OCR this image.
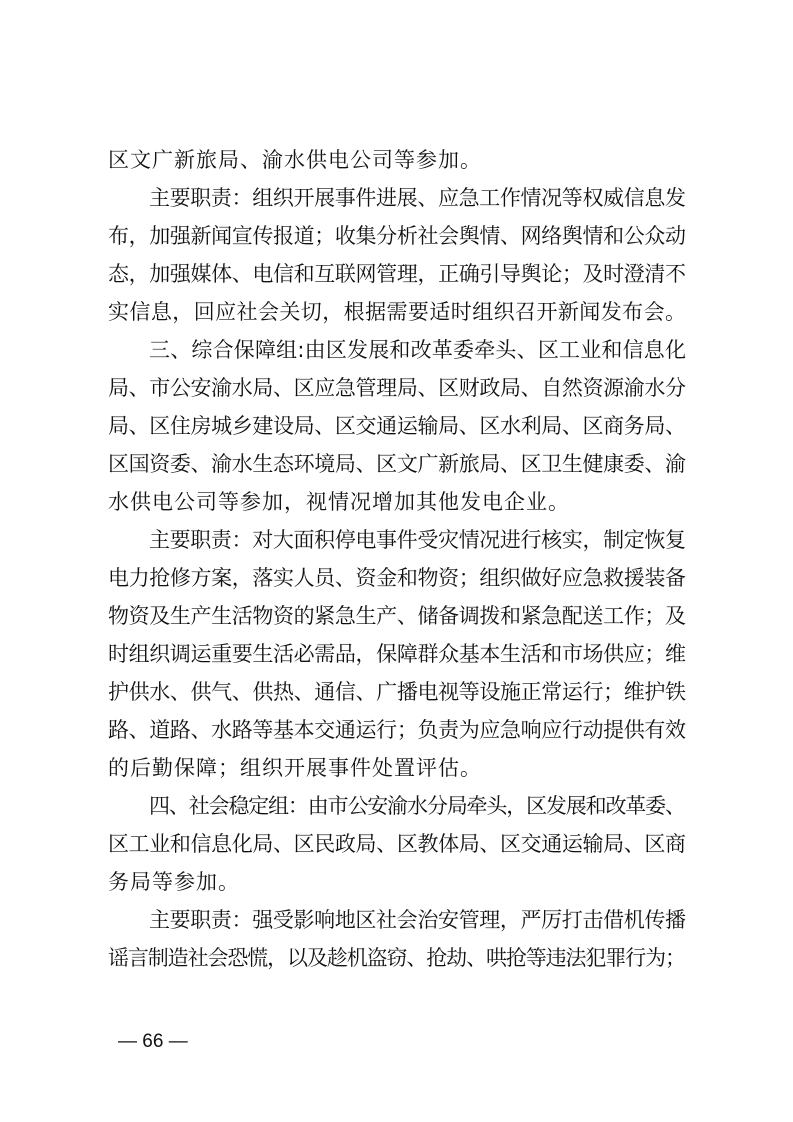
区文广新旅局、渝水供电公司等参加。
主要职责：组织开展事件进展、应急工作情况等权威信息发
布，加强新闻宣传报道；收集分析社会舆情、网络舆情和公众动
态，加强媒体、电信和互联网管理，正确引导舆论；及时澄清不
实信息，回应社会关切，根据需要适时组织召开新闻发布会。
三、综合保障组:由区发展和改革委牵头、区工业和信息化
局、市公安渝水局、区应急管理局、区财政局、自然资源渝水分
局、区住房城乡建设局、区交通运输局、区水利局、区商务局、
区国资委、渝水生态环境局、区文广新旅局、区卫生健康委、渝
水供电公司等参加，视情况增加其他发电企业。
主要职责：对大面积停电事件受灾情况进行核实，制定恢复
电力抢修方案，落实人员、资金和物资；组织做好应急救援装备
物资及生产生活物资的紧急生产、储备调拨和紧急配送工作；及
时组织调运重要生活必需品，保障群众基本生活和市场供应；维
护供水、供气、供热、通信、广播电视等设施正常运行；维护铁
路、道路、水路等基本交通运行；负责为应急响应行动提供有效
的后勤保障；组织开展事件处置评估。
四、社会稳定组：由市公安渝水分局牵头，区发展和改革委、
区工业和信息化局、区民政局、区教体局、区交通运输局、区商
务局等参加。
主要职责：强受影响地区社会治安管理，严厉打击借机传播
谣言制造社会恐慌，以及趁机盗窃、抢劫、哄抢等违法犯罪行为；
— 66 —
